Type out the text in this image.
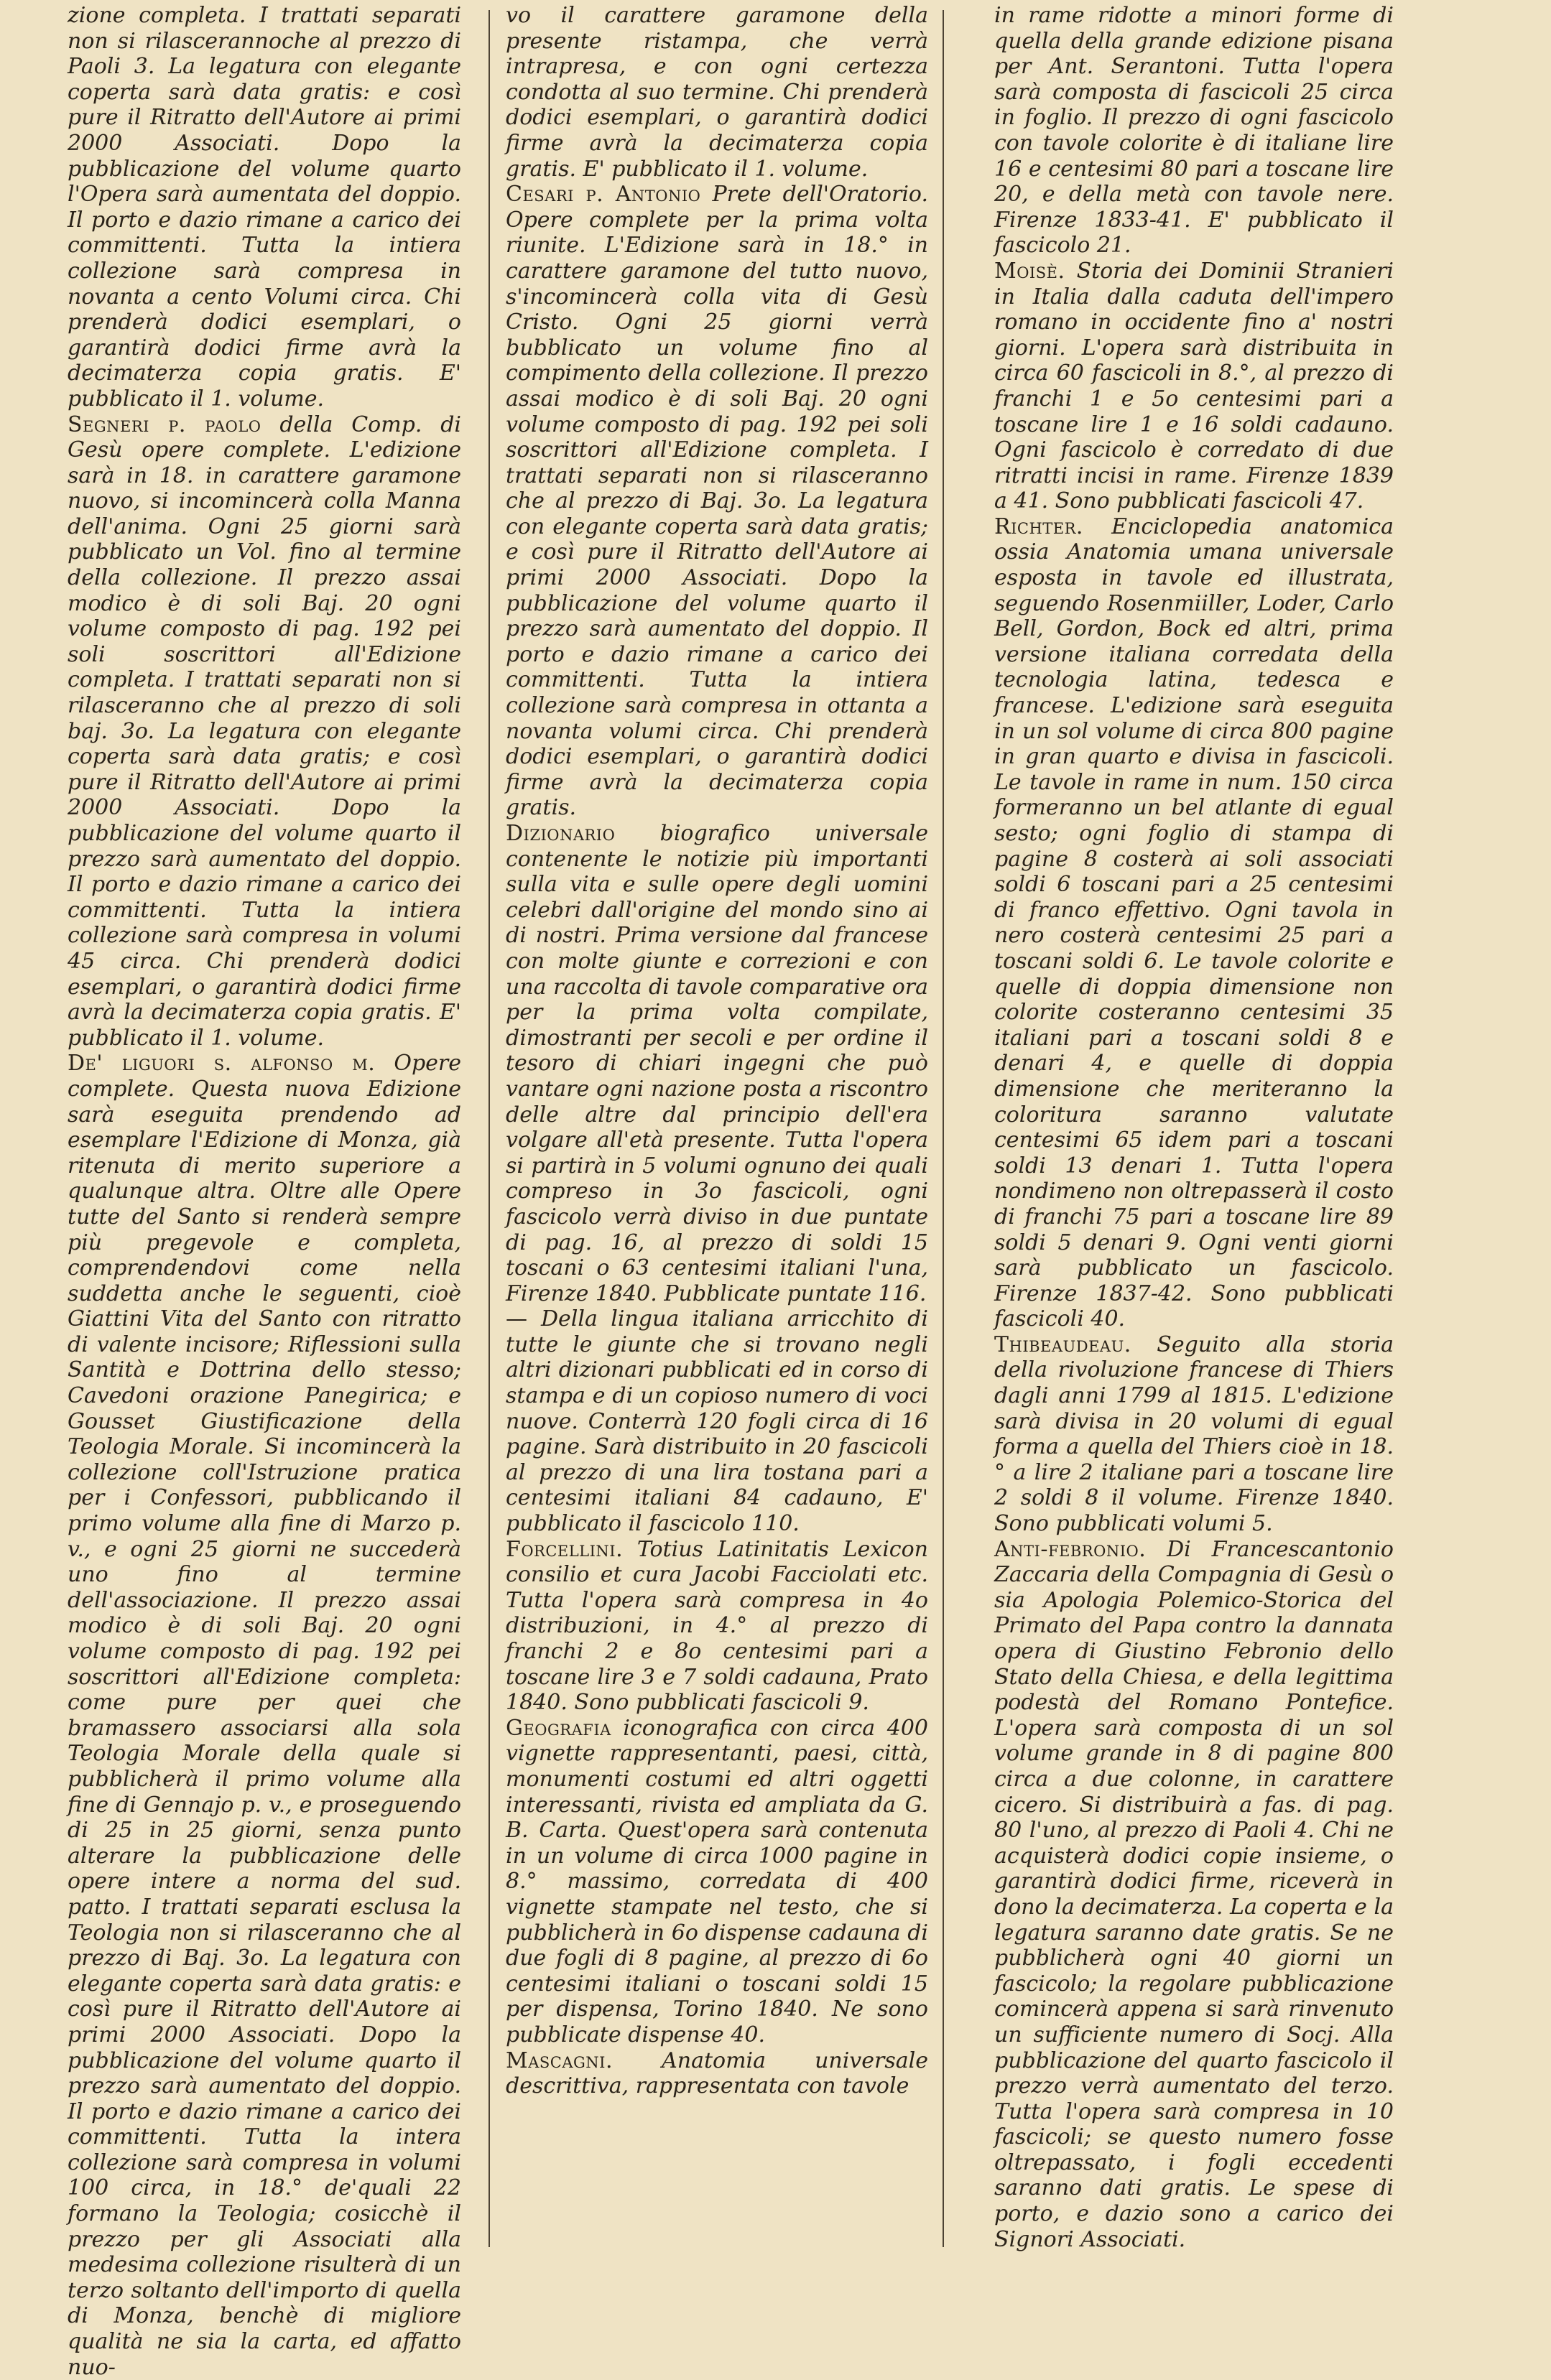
zione completa. I trattati separati non si rilascerannoche al prezzo di Paoli 3. La legatura con elegante coperta sarà data gratis: e così pure il Ritratto dell'Autore ai primi 2000 Associati. Dopo la pubblicazione del volume quarto l'Opera sarà aumentata del doppio. Il porto e dazio rimane a carico dei committenti. Tutta la intiera collezione sarà compresa in novanta a cento Volumi circa. Chi prenderà dodici esemplari, o garantirà dodici firme avrà la decimaterza copia gratis. E' pubblicato il 1. volume.

Segneri p. paolo della Comp. di Gesù opere complete. L'edizione sarà in 18. in carattere garamone nuovo, si incomincerà colla Manna dell'anima. Ogni 25 giorni sarà pubblicato un Vol. fino al termine della collezione. Il prezzo assai modico è di soli Baj. 20 ogni volume composto di pag. 192 pei soli soscrittori all'Edizione completa. I trattati separati non si rilasceranno che al prezzo di soli baj. 3o. La legatura con elegante coperta sarà data gratis; e così pure il Ritratto dell'Autore ai primi 2000 Associati. Dopo la pubblicazione del volume quarto il prezzo sarà aumentato del doppio. Il porto e dazio rimane a carico dei committenti. Tutta la intiera collezione sarà compresa in volumi 45 circa. Chi prenderà dodici esemplari, o garantirà dodici firme avrà la decimaterza copia gratis. E' pubblicato il 1. volume.

De' liguori s. alfonso m. Opere complete. Questa nuova Edizione sarà eseguita prendendo ad esemplare l'Edizione di Monza, già ritenuta di merito superiore a qualunque altra. Oltre alle Opere tutte del Santo si renderà sempre più pregevole e completa, comprendendovi come nella suddetta anche le seguenti, cioè Giattini Vita del Santo con ritratto di valente incisore; Riflessioni sulla Santità e Dottrina dello stesso; Cavedoni orazione Panegirica; e Gousset Giustificazione della Teologia Morale. Si incomincerà la collezione coll'Istruzione pratica per i Confessori, pubblicando il primo volume alla fine di Marzo p. v., e ogni 25 giorni ne succederà uno fino al termine dell'associazione. Il prezzo assai modico è di soli Baj. 20 ogni volume composto di pag. 192 pei soscrittori all'Edizione completa: come pure per quei che bramassero associarsi alla sola Teologia Morale della quale si pubblicherà il primo volume alla fine di Gennajo p. v., e proseguendo di 25 in 25 giorni, senza punto alterare la pubblicazione delle opere intere a norma del sud. patto. I trattati separati esclusa la Teologia non si rilasceranno che al prezzo di Baj. 3o. La legatura con elegante coperta sarà data gratis: e così pure il Ritratto dell'Autore ai primi 2000 Associati. Dopo la pubblicazione del volume quarto il prezzo sarà aumentato del doppio. Il porto e dazio rimane a carico dei committenti. Tutta la intera collezione sarà compresa in volumi 100 circa, in 18.° de'quali 22 formano la Teologia; cosicchè il prezzo per gli Associati alla medesima collezione risulterà di un terzo soltanto dell'importo di quella di Monza, benchè di migliore qualità ne sia la carta, ed affatto nuo-

vo il carattere garamone della presente ristampa, che verrà intrapresa, e con ogni certezza condotta al suo termine. Chi prenderà dodici esemplari, o garantirà dodici firme avrà la decimaterza copia gratis. E' pubblicato il 1. volume.

Cesari p. Antonio Prete dell'Oratorio. Opere complete per la prima volta riunite. L'Edizione sarà in 18.° in carattere garamone del tutto nuovo, s'incomincerà colla vita di Gesù Cristo. Ogni 25 giorni verrà bubblicato un volume fino al compimento della collezione. Il prezzo assai modico è di soli Baj. 20 ogni volume composto di pag. 192 pei soli soscrittori all'Edizione completa. I trattati separati non si rilasceranno che al prezzo di Baj. 3o. La legatura con elegante coperta sarà data gratis; e così pure il Ritratto dell'Autore ai primi 2000 Associati. Dopo la pubblicazione del volume quarto il prezzo sarà aumentato del doppio. Il porto e dazio rimane a carico dei committenti. Tutta la intiera collezione sarà compresa in ottanta a novanta volumi circa. Chi prenderà dodici esemplari, o garantirà dodici firme avrà la decimaterza copia gratis.

Dizionario biografico universale contenente le notizie più importanti sulla vita e sulle opere degli uomini celebri dall'origine del mondo sino ai di nostri. Prima versione dal francese con molte giunte e correzioni e con una raccolta di tavole comparative ora per la prima volta compilate, dimostranti per secoli e per ordine il tesoro di chiari ingegni che può vantare ogni nazione posta a riscontro delle altre dal principio dell'era volgare all'età presente. Tutta l'opera si partirà in 5 volumi ognuno dei quali compreso in 3o fascicoli, ogni fascicolo verrà diviso in due puntate di pag. 16, al prezzo di soldi 15 toscani o 63 centesimi italiani l'una, Firenze 1840. Pubblicate puntate 116.

— Della lingua italiana arricchito di tutte le giunte che si trovano negli altri dizionari pubblicati ed in corso di stampa e di un copioso numero di voci nuove. Conterrà 120 fogli circa di 16 pagine. Sarà distribuito in 20 fascicoli al prezzo di una lira tostana pari a centesimi italiani 84 cadauno, E' pubblicato il fascicolo 110.

Forcellini. Totius Latinitatis Lexicon consilio et cura Jacobi Facciolati etc. Tutta l'opera sarà compresa in 4o distribuzioni, in 4.° al prezzo di franchi 2 e 8o centesimi pari a toscane lire 3 e 7 soldi cadauna, Prato 1840. Sono pubblicati fascicoli 9.

Geografia iconografica con circa 400 vignette rappresentanti, paesi, città, monumenti costumi ed altri oggetti interessanti, rivista ed ampliata da G. B. Carta. Quest'opera sarà contenuta in un volume di circa 1000 pagine in 8.° massimo, corredata di 400 vignette stampate nel testo, che si pubblicherà in 6o dispense cadauna di due fogli di 8 pagine, al prezzo di 6o centesimi italiani o toscani soldi 15 per dispensa, Torino 1840. Ne sono pubblicate dispense 40.

Mascagni. Anatomia universale descrittiva, rappresentata con tavole

in rame ridotte a minori forme di quella della grande edizione pisana per Ant. Serantoni. Tutta l'opera sarà composta di fascicoli 25 circa in foglio. Il prezzo di ogni fascicolo con tavole colorite è di italiane lire 16 e centesimi 80 pari a toscane lire 20, e della metà con tavole nere. Firenze 1833-41. E' pubblicato il fascicolo 21.

Moisè. Storia dei Dominii Stranieri in Italia dalla caduta dell'impero romano in occidente fino a' nostri giorni. L'opera sarà distribuita in circa 60 fascicoli in 8.°, al prezzo di franchi 1 e 5o centesimi pari a toscane lire 1 e 16 soldi cadauno. Ogni fascicolo è corredato di due ritratti incisi in rame. Firenze 1839 a 41. Sono pubblicati fascicoli 47.

Richter. Enciclopedia anatomica ossia Anatomia umana universale esposta in tavole ed illustrata, seguendo Rosenmiiller, Loder, Carlo Bell, Gordon, Bock ed altri, prima versione italiana corredata della tecnologia latina, tedesca e francese. L'edizione sarà eseguita in un sol volume di circa 800 pagine in gran quarto e divisa in fascicoli. Le tavole in rame in num. 150 circa formeranno un bel atlante di egual sesto; ogni foglio di stampa di pagine 8 costerà ai soli associati soldi 6 toscani pari a 25 centesimi di franco effettivo. Ogni tavola in nero costerà centesimi 25 pari a toscani soldi 6. Le tavole colorite e quelle di doppia dimensione non colorite costeranno centesimi 35 italiani pari a toscani soldi 8 e denari 4, e quelle di doppia dimensione che meriteranno la coloritura saranno valutate centesimi 65 idem pari a toscani soldi 13 denari 1. Tutta l'opera nondimeno non oltrepasserà il costo di franchi 75 pari a toscane lire 89 soldi 5 denari 9. Ogni venti giorni sarà pubblicato un fascicolo. Firenze 1837-42. Sono pubblicati fascicoli 40.

Thibeaudeau. Seguito alla storia della rivoluzione francese di Thiers dagli anni 1799 al 1815. L'edizione sarà divisa in 20 volumi di egual forma a quella del Thiers cioè in 18.° a lire 2 italiane pari a toscane lire 2 soldi 8 il volume. Firenze 1840. Sono pubblicati volumi 5.

Anti-febronio. Di Francescantonio Zaccaria della Compagnia di Gesù o sia Apologia Polemico-Storica del Primato del Papa contro la dannata opera di Giustino Febronio dello Stato della Chiesa, e della legittima podestà del Romano Pontefice. L'opera sarà composta di un sol volume grande in 8 di pagine 800 circa a due colonne, in carattere cicero. Si distribuirà a fas. di pag. 80 l'uno, al prezzo di Paoli 4. Chi ne acquisterà dodici copie insieme, o garantirà dodici firme, riceverà in dono la decimaterza. La coperta e la legatura saranno date gratis. Se ne pubblicherà ogni 40 giorni un fascicolo; la regolare pubblicazione comincerà appena si sarà rinvenuto un sufficiente numero di Socj. Alla pubblicazione del quarto fascicolo il prezzo verrà aumentato del terzo. Tutta l'opera sarà compresa in 10 fascicoli; se questo numero fosse oltrepassato, i fogli eccedenti saranno dati gratis. Le spese di porto, e dazio sono a carico dei Signori Associati.
